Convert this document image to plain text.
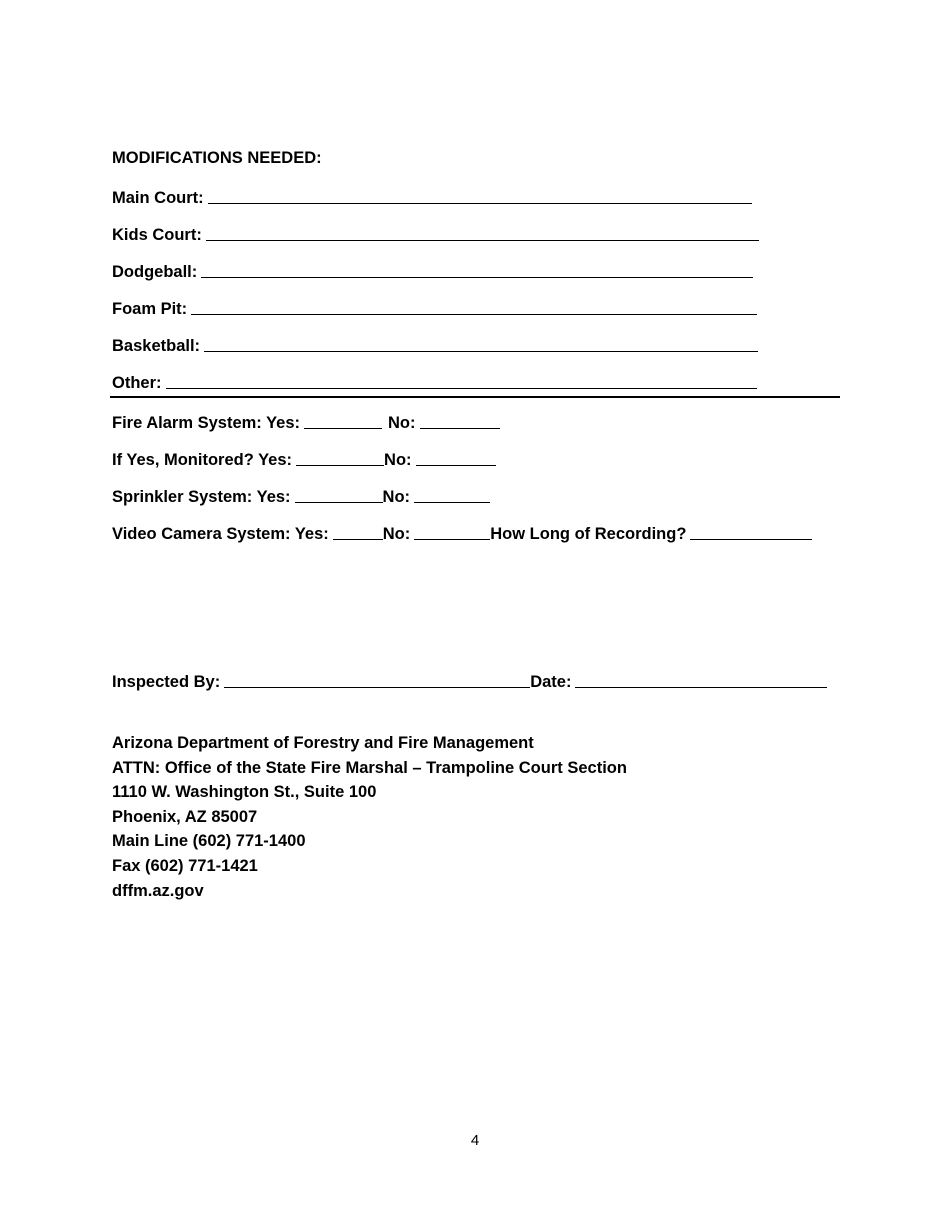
MODIFICATIONS NEEDED:
Main Court:
Kids Court:
Dodgeball:
Foam Pit:
Basketball:
Other:
Fire Alarm System: Yes:	No:
If Yes, Monitored? Yes:	No:
Sprinkler System: Yes:	No:
Video Camera System: Yes:	No:	How Long of Recording?
Inspected By:	Date:
Arizona Department of Forestry and Fire Management
ATTN: Office of the State Fire Marshal – Trampoline Court Section
1110 W. Washington St., Suite 100
Phoenix, AZ 85007
Main Line (602) 771-1400
Fax (602) 771-1421
dffm.az.gov
4
